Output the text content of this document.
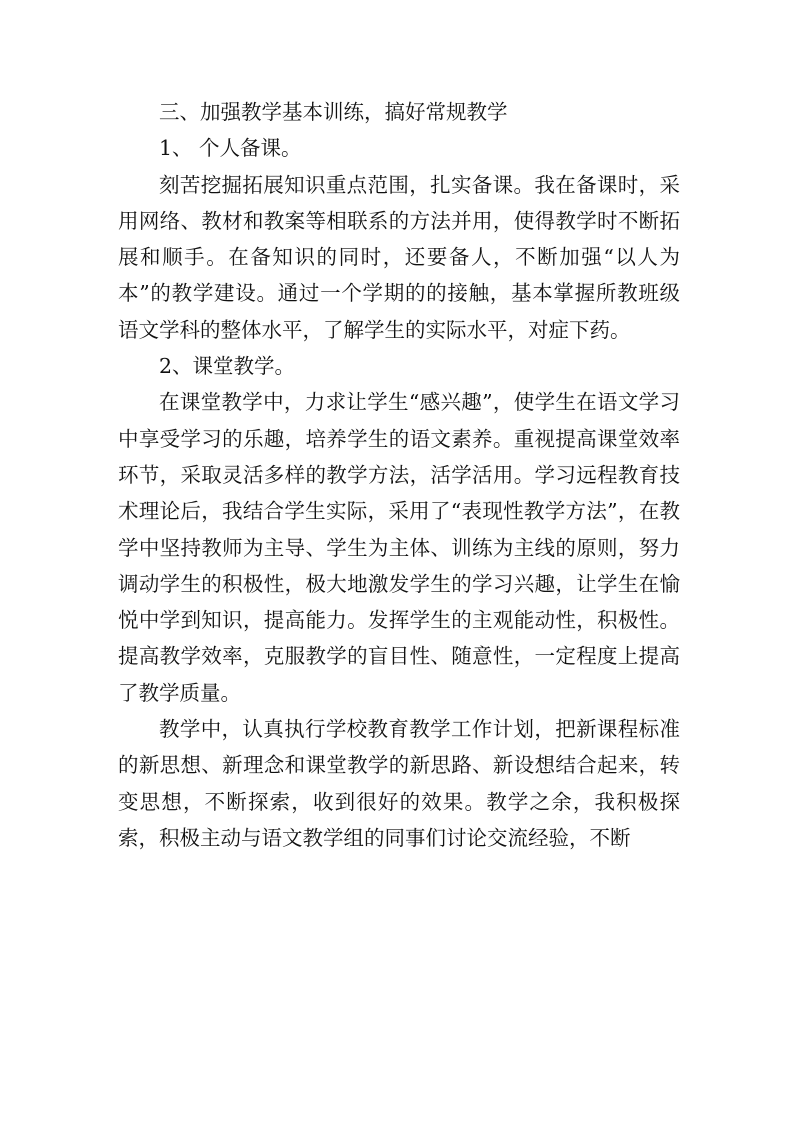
三、加强教学基本训练，搞好常规教学

1、 个人备课。

刻苦挖掘拓展知识重点范围，扎实备课。我在备课时，采用网络、教材和教案等相联系的方法并用，使得教学时不断拓展和顺手。在备知识的同时，还要备人，不断加强“以人为本”的教学建设。通过一个学期的的接触，基本掌握所教班级语文学科的整体水平，了解学生的实际水平，对症下药。

2、课堂教学。

在课堂教学中，力求让学生“感兴趣”，使学生在语文学习中享受学习的乐趣，培养学生的语文素养。重视提高课堂效率环节，采取灵活多样的教学方法，活学活用。学习远程教育技术理论后，我结合学生实际，采用了“表现性教学方法”，在教学中坚持教师为主导、学生为主体、训练为主线的原则，努力调动学生的积极性，极大地激发学生的学习兴趣，让学生在愉悦中学到知识，提高能力。发挥学生的主观能动性，积极性。提高教学效率，克服教学的盲目性、随意性，一定程度上提高了教学质量。

教学中，认真执行学校教育教学工作计划，把新课程标准的新思想、新理念和课堂教学的新思路、新设想结合起来，转变思想，不断探索，收到很好的效果。教学之余，我积极探索，积极主动与语文教学组的同事们讨论交流经验，不断
